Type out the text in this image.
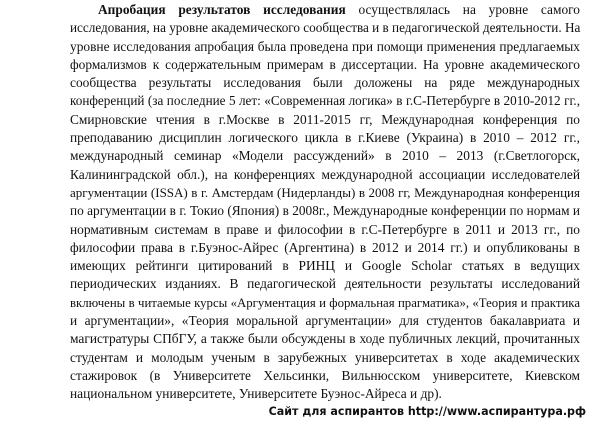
Апробация результатов исследования осуществлялась на уровне самого
исследования, на уровне академического сообщества и в педагогической деятельности. На
уровне исследования апробация была проведена при помощи применения предлагаемых
формализмов к содержательным примерам в диссертации. На уровне академического
сообщества результаты исследования были доложены на ряде международных
конференций (за последние 5 лет: «Современная логика» в г.С-Петербурге в 2010-2012 гг.,
Смирновские чтения в г.Москве в 2011-2015 гг, Международная конференция по
преподаванию дисциплин логического цикла в г.Киеве (Украина) в 2010 – 2012 гг.,
международный семинар «Модели рассуждений» в 2010 – 2013 (г.Светлогорск,
Калининградской обл.), на конференциях международной ассоциации исследователей
аргументации (ISSA) в г. Амстердам (Нидерланды) в 2008 гг, Международная конференция
по аргументации в г. Токио (Япония) в 2008г., Международные конференции по нормам и
нормативным системам в праве и философии в г.С-Петербурге в 2011 и 2013 гг., по
философии права в г.Буэнос-Айрес (Аргентина) в 2012 и 2014 гг.) и опубликованы в
имеющих рейтинги цитирований в РИНЦ и Google Scholar статьях в ведущих
периодических изданиях. В педагогической деятельности результаты исследований
включены в читаемые курсы «Аргументация и формальная прагматика», «Теория и практика
и аргументации», «Теория моральной аргументации» для студентов бакалавриата и
магистратуры СПбГУ, а также были обсуждены в ходе публичных лекций, прочитанных
студентам и молодым ученым в зарубежных университетах в ходе академических
стажировок (в Университете Хельсинки, Вильнюсском университете, Киевском
национальном университете, Университете Буэнос-Айреса и др).
Сайт для аспирантов http://www.аспирантура.рф
